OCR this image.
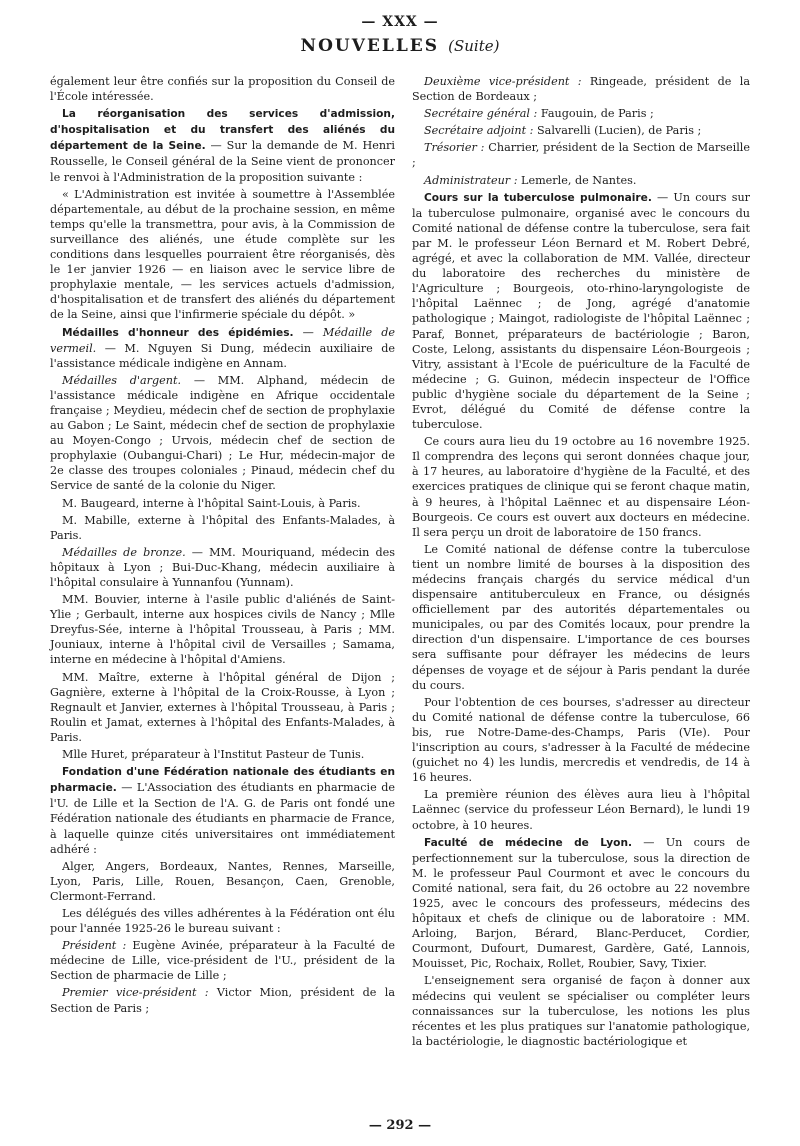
— XXX —
NOUVELLES (Suite)

également leur être confiés sur la proposition du Conseil de l'École intéressée.

La réorganisation des services d'admission, d'hospitalisation et du transfert des aliénés du département de la Seine. — Sur la demande de M. Henri Rousselle, le Conseil général de la Seine vient de prononcer le renvoi à l'Administration de la proposition suivante :

« L'Administration est invitée à soumettre à l'Assemblée départementale, au début de la prochaine session, en même temps qu'elle la transmettra, pour avis, à la Commission de surveillance des aliénés, une étude complète sur les conditions dans lesquelles pourraient être réorganisés, dès le 1er janvier 1926 — en liaison avec le service libre de prophylaxie mentale, — les services actuels d'admission, d'hospitalisation et de transfert des aliénés du département de la Seine, ainsi que l'infirmerie spéciale du dépôt. »

Médailles d'honneur des épidémies. — Médaille de vermeil. — M. Nguyen Si Dung, médecin auxiliaire de l'assistance médicale indigène en Annam.

Médailles d'argent. — MM. Alphand, médecin de l'assistance médicale indigène en Afrique occidentale française ; Meydieu, médecin chef de section de prophylaxie au Gabon ; Le Saint, médecin chef de section de prophylaxie au Moyen-Congo ; Urvois, médecin chef de section de prophylaxie (Oubangui-Chari) ; Le Hur, médecin-major de 2e classe des troupes coloniales ; Pinaud, médecin chef du Service de santé de la colonie du Niger.

M. Baugeard, interne à l'hôpital Saint-Louis, à Paris.

M. Mabille, externe à l'hôpital des Enfants-Malades, à Paris.

Médailles de bronze. — MM. Mouriquand, médecin des hôpitaux à Lyon ; Bui-Duc-Khang, médecin auxiliaire à l'hôpital consulaire à Yunnanfou (Yunnam).

MM. Bouvier, interne à l'asile public d'aliénés de Saint-Ylie ; Gerbault, interne aux hospices civils de Nancy ; Mlle Dreyfus-Sée, interne à l'hôpital Trousseau, à Paris ; MM. Jouniaux, interne à l'hôpital civil de Versailles ; Samama, interne en médecine à l'hôpital d'Amiens.

MM. Maître, externe à l'hôpital général de Dijon ; Gagnière, externe à l'hôpital de la Croix-Rousse, à Lyon ; Regnault et Janvier, externes à l'hôpital Trousseau, à Paris ; Roulin et Jamat, externes à l'hôpital des Enfants-Malades, à Paris.

Mlle Huret, préparateur à l'Institut Pasteur de Tunis.

Fondation d'une Fédération nationale des étudiants en pharmacie. — L'Association des étudiants en pharmacie de l'U. de Lille et la Section de l'A. G. de Paris ont fondé une Fédération nationale des étudiants en pharmacie de France, à laquelle quinze cités universitaires ont immédiatement adhéré :

Alger, Angers, Bordeaux, Nantes, Rennes, Marseille, Lyon, Paris, Lille, Rouen, Besançon, Caen, Grenoble, Clermont-Ferrand.

Les délégués des villes adhérentes à la Fédération ont élu pour l'année 1925-26 le bureau suivant :

Président : Eugène Avinée, préparateur à la Faculté de médecine de Lille, vice-président de l'U., président de la Section de pharmacie de Lille ;

Premier vice-président : Victor Mion, président de la Section de Paris ;

Deuxième vice-président : Ringeade, président de la Section de Bordeaux ;

Secrétaire général : Faugouin, de Paris ;

Secrétaire adjoint : Salvarelli (Lucien), de Paris ;

Trésorier : Charrier, président de la Section de Marseille ;

Administrateur : Lemerle, de Nantes.

Cours sur la tuberculose pulmonaire. — Un cours sur la tuberculose pulmonaire, organisé avec le concours du Comité national de défense contre la tuberculose, sera fait par M. le professeur Léon Bernard et M. Robert Debré, agrégé, et avec la collaboration de MM. Vallée, directeur du laboratoire des recherches du ministère de l'Agriculture ; Bourgeois, oto-rhino-laryngologiste de l'hôpital Laënnec ; de Jong, agrégé d'anatomie pathologique ; Maingot, radiologiste de l'hôpital Laënnec ; Paraf, Bonnet, préparateurs de bactériologie ; Baron, Coste, Lelong, assistants du dispensaire Léon-Bourgeois ; Vitry, assistant à l'Ecole de puériculture de la Faculté de médecine ; G. Guinon, médecin inspecteur de l'Office public d'hygiène sociale du département de la Seine ; Evrot, délégué du Comité de défense contre la tuberculose.

Ce cours aura lieu du 19 octobre au 16 novembre 1925. Il comprendra des leçons qui seront données chaque jour, à 17 heures, au laboratoire d'hygiène de la Faculté, et des exercices pratiques de clinique qui se feront chaque matin, à 9 heures, à l'hôpital Laënnec et au dispensaire Léon-Bourgeois. Ce cours est ouvert aux docteurs en médecine. Il sera perçu un droit de laboratoire de 150 francs.

Le Comité national de défense contre la tuberculose tient un nombre limité de bourses à la disposition des médecins français chargés du service médical d'un dispensaire antituberculeux en France, ou désignés officiellement par des autorités départementales ou municipales, ou par des Comités locaux, pour prendre la direction d'un dispensaire. L'importance de ces bourses sera suffisante pour défrayer les médecins de leurs dépenses de voyage et de séjour à Paris pendant la durée du cours.

Pour l'obtention de ces bourses, s'adresser au directeur du Comité national de défense contre la tuberculose, 66 bis, rue Notre-Dame-des-Champs, Paris (VIe). Pour l'inscription au cours, s'adresser à la Faculté de médecine (guichet no 4) les lundis, mercredis et vendredis, de 14 à 16 heures.

La première réunion des élèves aura lieu à l'hôpital Laënnec (service du professeur Léon Bernard), le lundi 19 octobre, à 10 heures.

Faculté de médecine de Lyon. — Un cours de perfectionnement sur la tuberculose, sous la direction de M. le professeur Paul Courmont et avec le concours du Comité national, sera fait, du 26 octobre au 22 novembre 1925, avec le concours des professeurs, médecins des hôpitaux et chefs de clinique ou de laboratoire : MM. Arloing, Barjon, Bérard, Blanc-Perducet, Cordier, Courmont, Dufourt, Dumarest, Gardère, Gaté, Lannois, Mouisset, Pic, Rochaix, Rollet, Roubier, Savy, Tixier.

L'enseignement sera organisé de façon à donner aux médecins qui veulent se spécialiser ou compléter leurs connaissances sur la tuberculose, les notions les plus récentes et les plus pratiques sur l'anatomie pathologique, la bactériologie, le diagnostic bactériologique et

— 292 —
